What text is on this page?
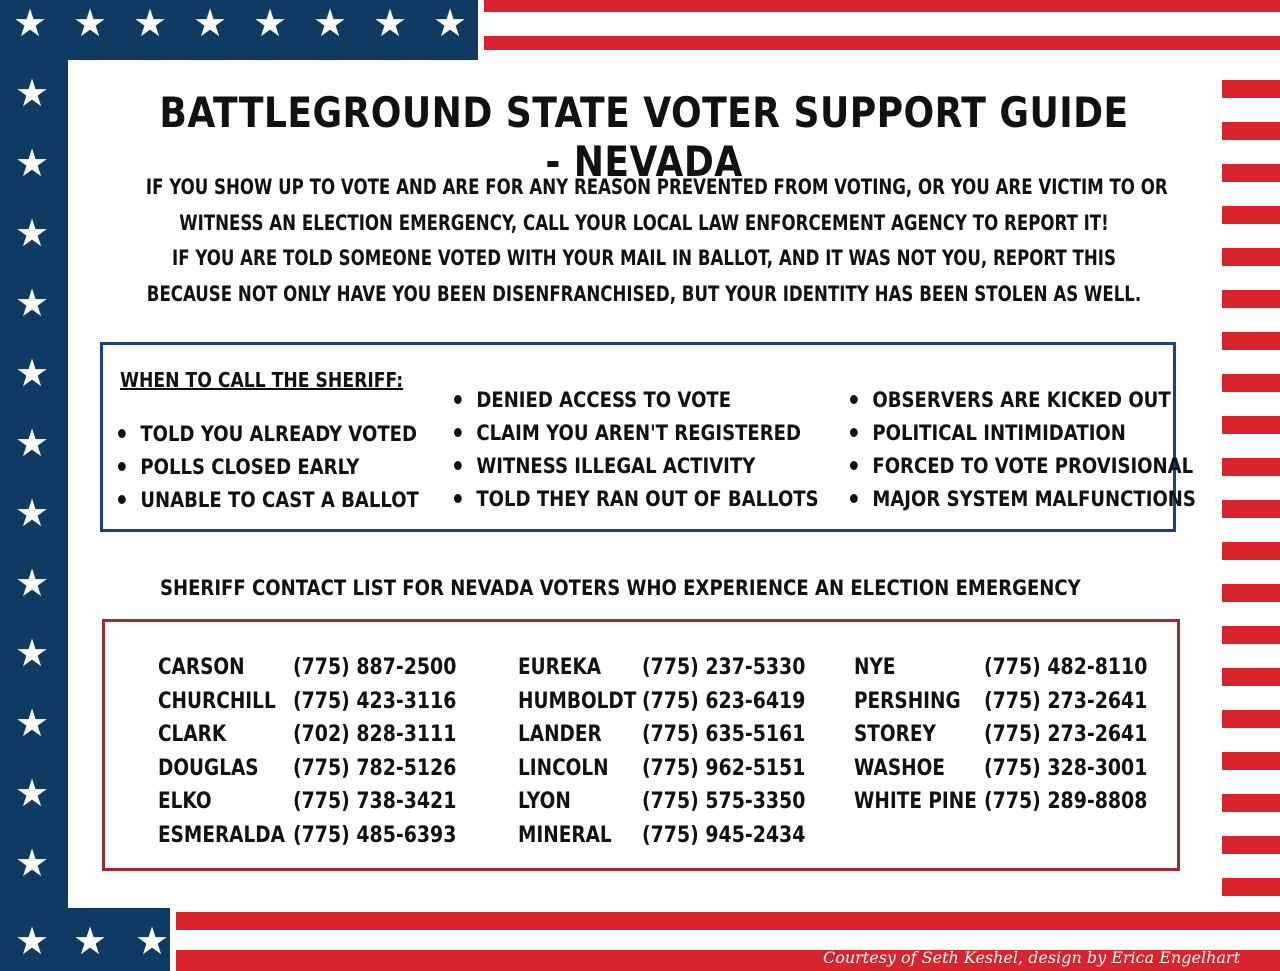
★ ★ ★ ★ ★ ★ ★ ★
★
★
★
★
★
★
★
★
★
★
★
★
★ ★ ★
BATTLEGROUND STATE VOTER SUPPORT GUIDE - NEVADA
IF YOU SHOW UP TO VOTE AND ARE FOR ANY REASON PREVENTED FROM VOTING, OR YOU ARE VICTIM TO OR
WITNESS AN ELECTION EMERGENCY, CALL YOUR LOCAL LAW ENFORCEMENT AGENCY TO REPORT IT!
IF YOU ARE TOLD SOMEONE VOTED WITH YOUR MAIL IN BALLOT, AND IT WAS NOT YOU, REPORT THIS
BECAUSE NOT ONLY HAVE YOU BEEN DISENFRANCHISED, BUT YOUR IDENTITY HAS BEEN STOLEN AS WELL.
WHEN TO CALL THE SHERIFF:
TOLD YOU ALREADY VOTED
POLLS CLOSED EARLY
UNABLE TO CAST A BALLOT
DENIED ACCESS TO VOTE
CLAIM YOU AREN'T REGISTERED
WITNESS ILLEGAL ACTIVITY
TOLD THEY RAN OUT OF BALLOTS
OBSERVERS ARE KICKED OUT
POLITICAL INTIMIDATION
FORCED TO VOTE PROVISIONAL
MAJOR SYSTEM MALFUNCTIONS
SHERIFF CONTACT LIST FOR NEVADA VOTERS WHO EXPERIENCE AN ELECTION EMERGENCY
CARSON (775) 887-2500
CHURCHILL (775) 423-3116
CLARK	(702) 828-3111
DOUGLAS (775) 782-5126
ELKO	(775) 738-3421
ESMERALDA (775) 485-6393
EUREKA (775) 237-5330
HUMBOLDT (775) 623-6419
LANDER (775) 635-5161
LINCOLN (775) 962-5151
LYON	(775) 575-3350
MINERAL (775) 945-2434
NYE	(775) 482-8110
PERSHING (775) 273-2641
STOREY (775) 273-2641
WASHOE (775) 328-3001
WHITE PINE (775) 289-8808
Courtesy of Seth Keshel, design by Erica Engelhart
